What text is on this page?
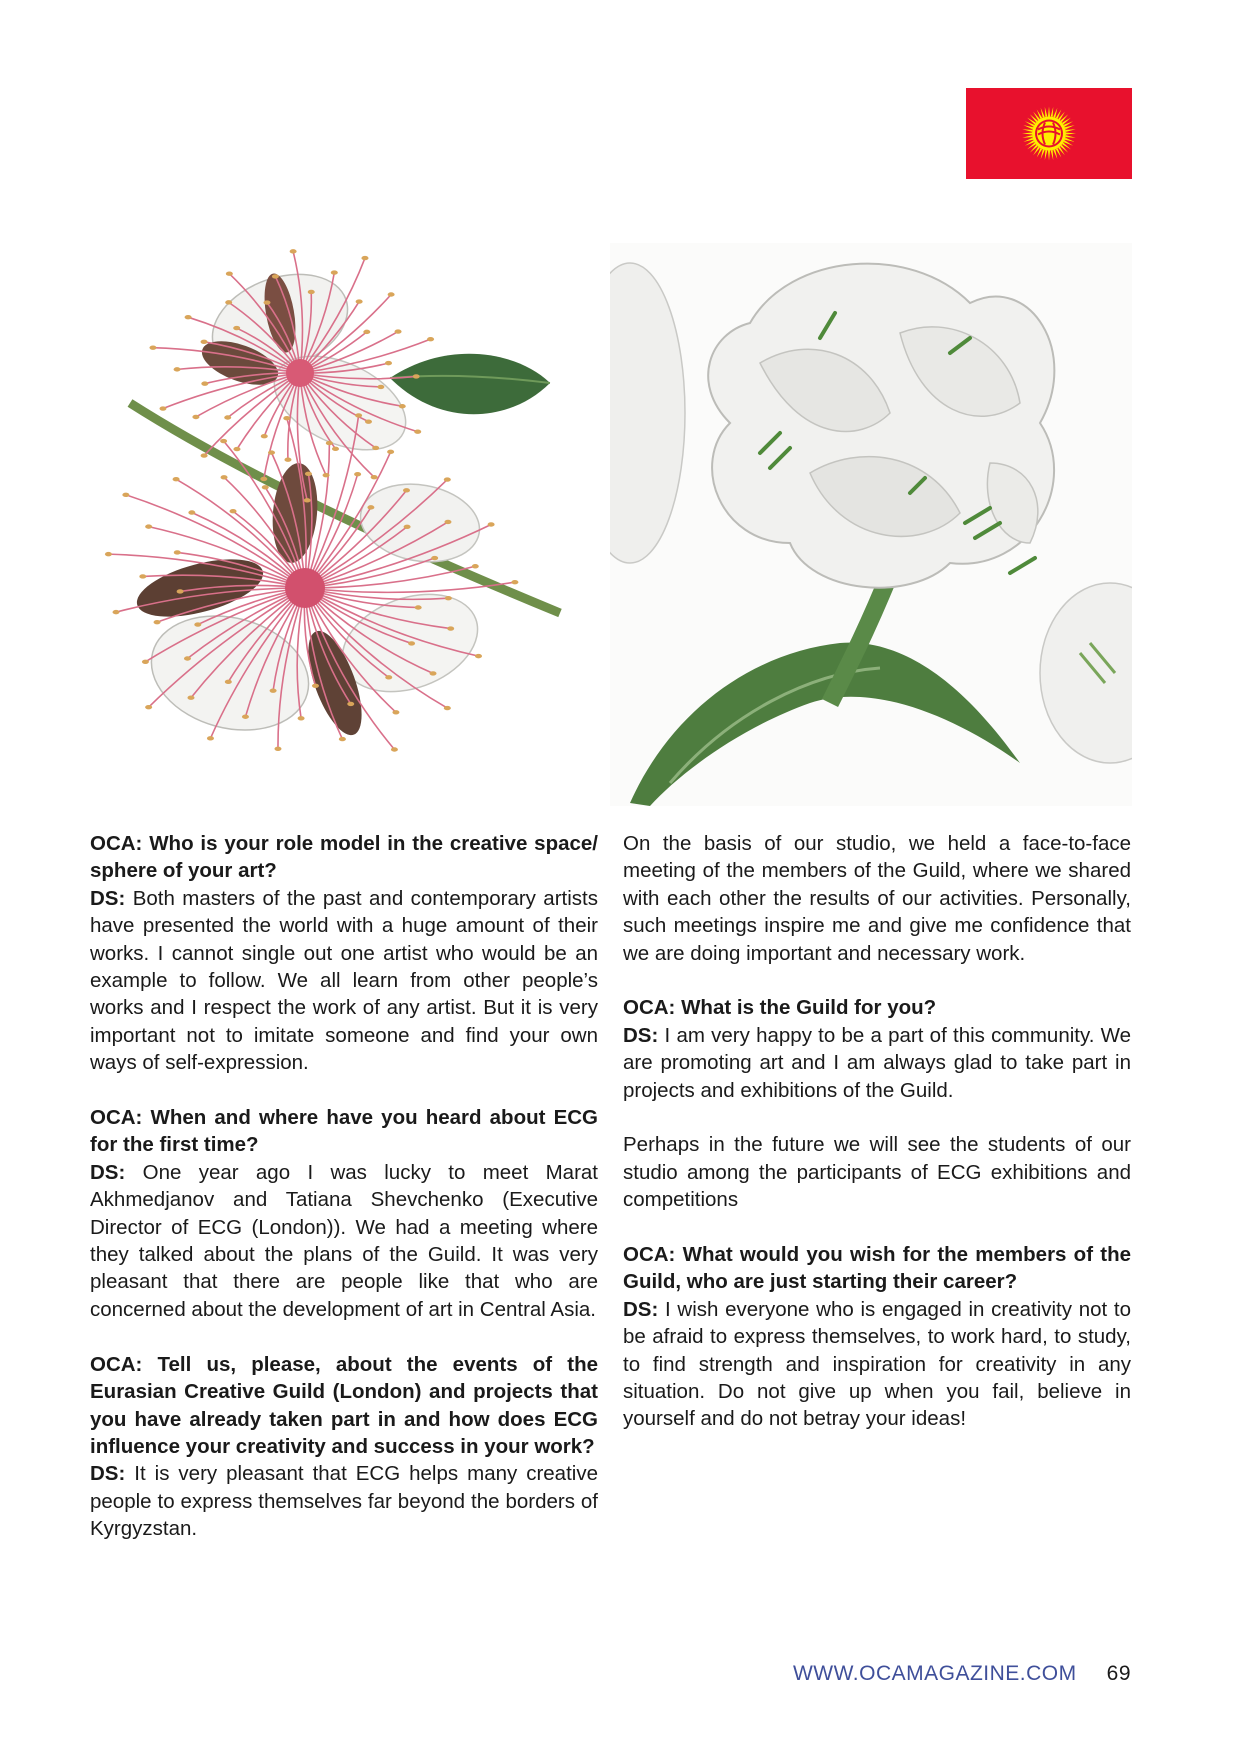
OCA: Who is your role model in the creative space/ sphere of your art?

DS: Both masters of the past and contemporary artists have presented the world with a huge amount of their works. I cannot single out one artist who would be an example to follow. We all learn from other people’s works and I respect the work of any artist. But it is very important not to imitate someone and find your own ways of self-expression.

OCA: When and where have you heard about ECG for the first time?

DS: One year ago I was lucky to meet Marat Akhmedjanov and Tatiana Shevchenko (Executive Director of ECG (London)). We had a meeting where they talked about the plans of the Guild. It was very pleasant that there are people like that who are concerned about the development of art in Central Asia.

OCA: Tell us, please, about the events of the Eurasian Creative Guild (London) and projects that you have already taken part in and how does ECG influence your creativity and success in your work?

DS: It is very pleasant that ECG helps many creative people to express themselves far beyond the borders of Kyrgyzstan.

On the basis of our studio, we held a face-to-face meeting of the members of the Guild, where we shared with each other the results of our activities. Personally, such meetings inspire me and give me confidence that we are doing important and necessary work.

OCA: What is the Guild for you?

DS: I am very happy to be a part of this community. We are promoting art and I am always glad to take part in projects and exhibitions of the Guild.

Perhaps in the future we will see the students of our studio among the participants of ECG exhibitions and competitions

OCA: What would you wish for the members of the Guild, who are just starting their career?

DS: I wish everyone who is engaged in creativity not to be afraid to express themselves, to work hard, to study, to find strength and inspiration for creativity in any situation. Do not give up when you fail, believe in yourself and do not betray your ideas!

WWW.OCAMAGAZINE.COM 69
